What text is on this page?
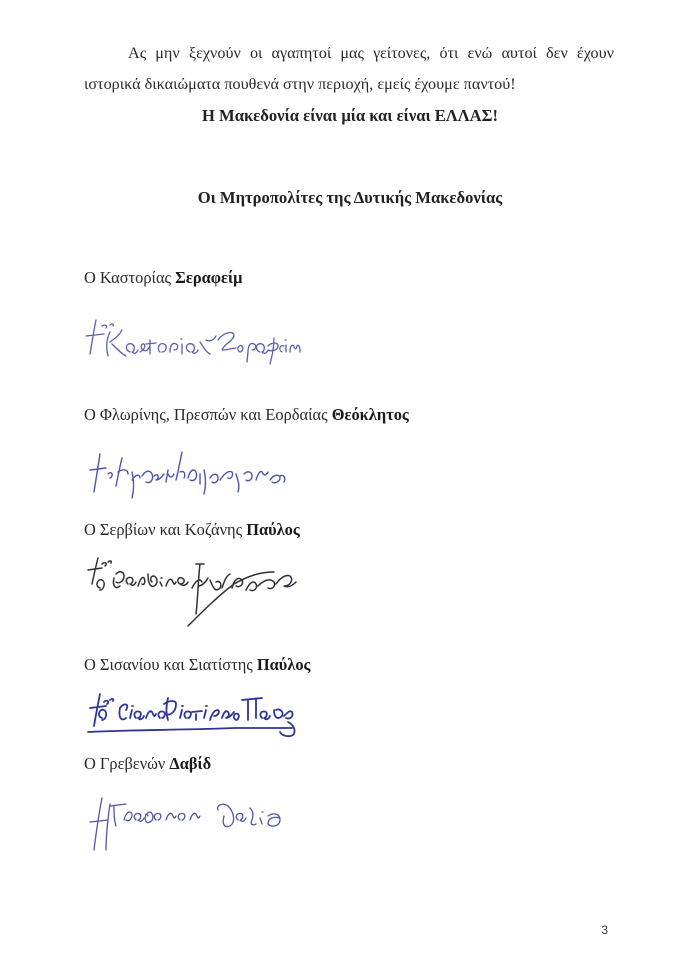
Ας μην ξεχνούν οι αγαπητοί μας γείτονες, ότι ενώ αυτοί δεν έχουν ιστορικά δικαιώματα πουθενά στην περιοχή, εμείς έχουμε παντού!

Η Μακεδονία είναι μία και είναι ΕΛΛΑΣ!

Οι Μητροπολίτες της Δυτικής Μακεδονίας

Ο Καστορίας Σεραφείμ

Ο Φλωρίνης, Πρεσπών και Εορδαίας Θεόκλητος

Ο Σερβίων και Κοζάνης Παύλος

Ο Σισανίου και Σιατίστης Παύλος

Ο Γρεβενών Δαβίδ

3
